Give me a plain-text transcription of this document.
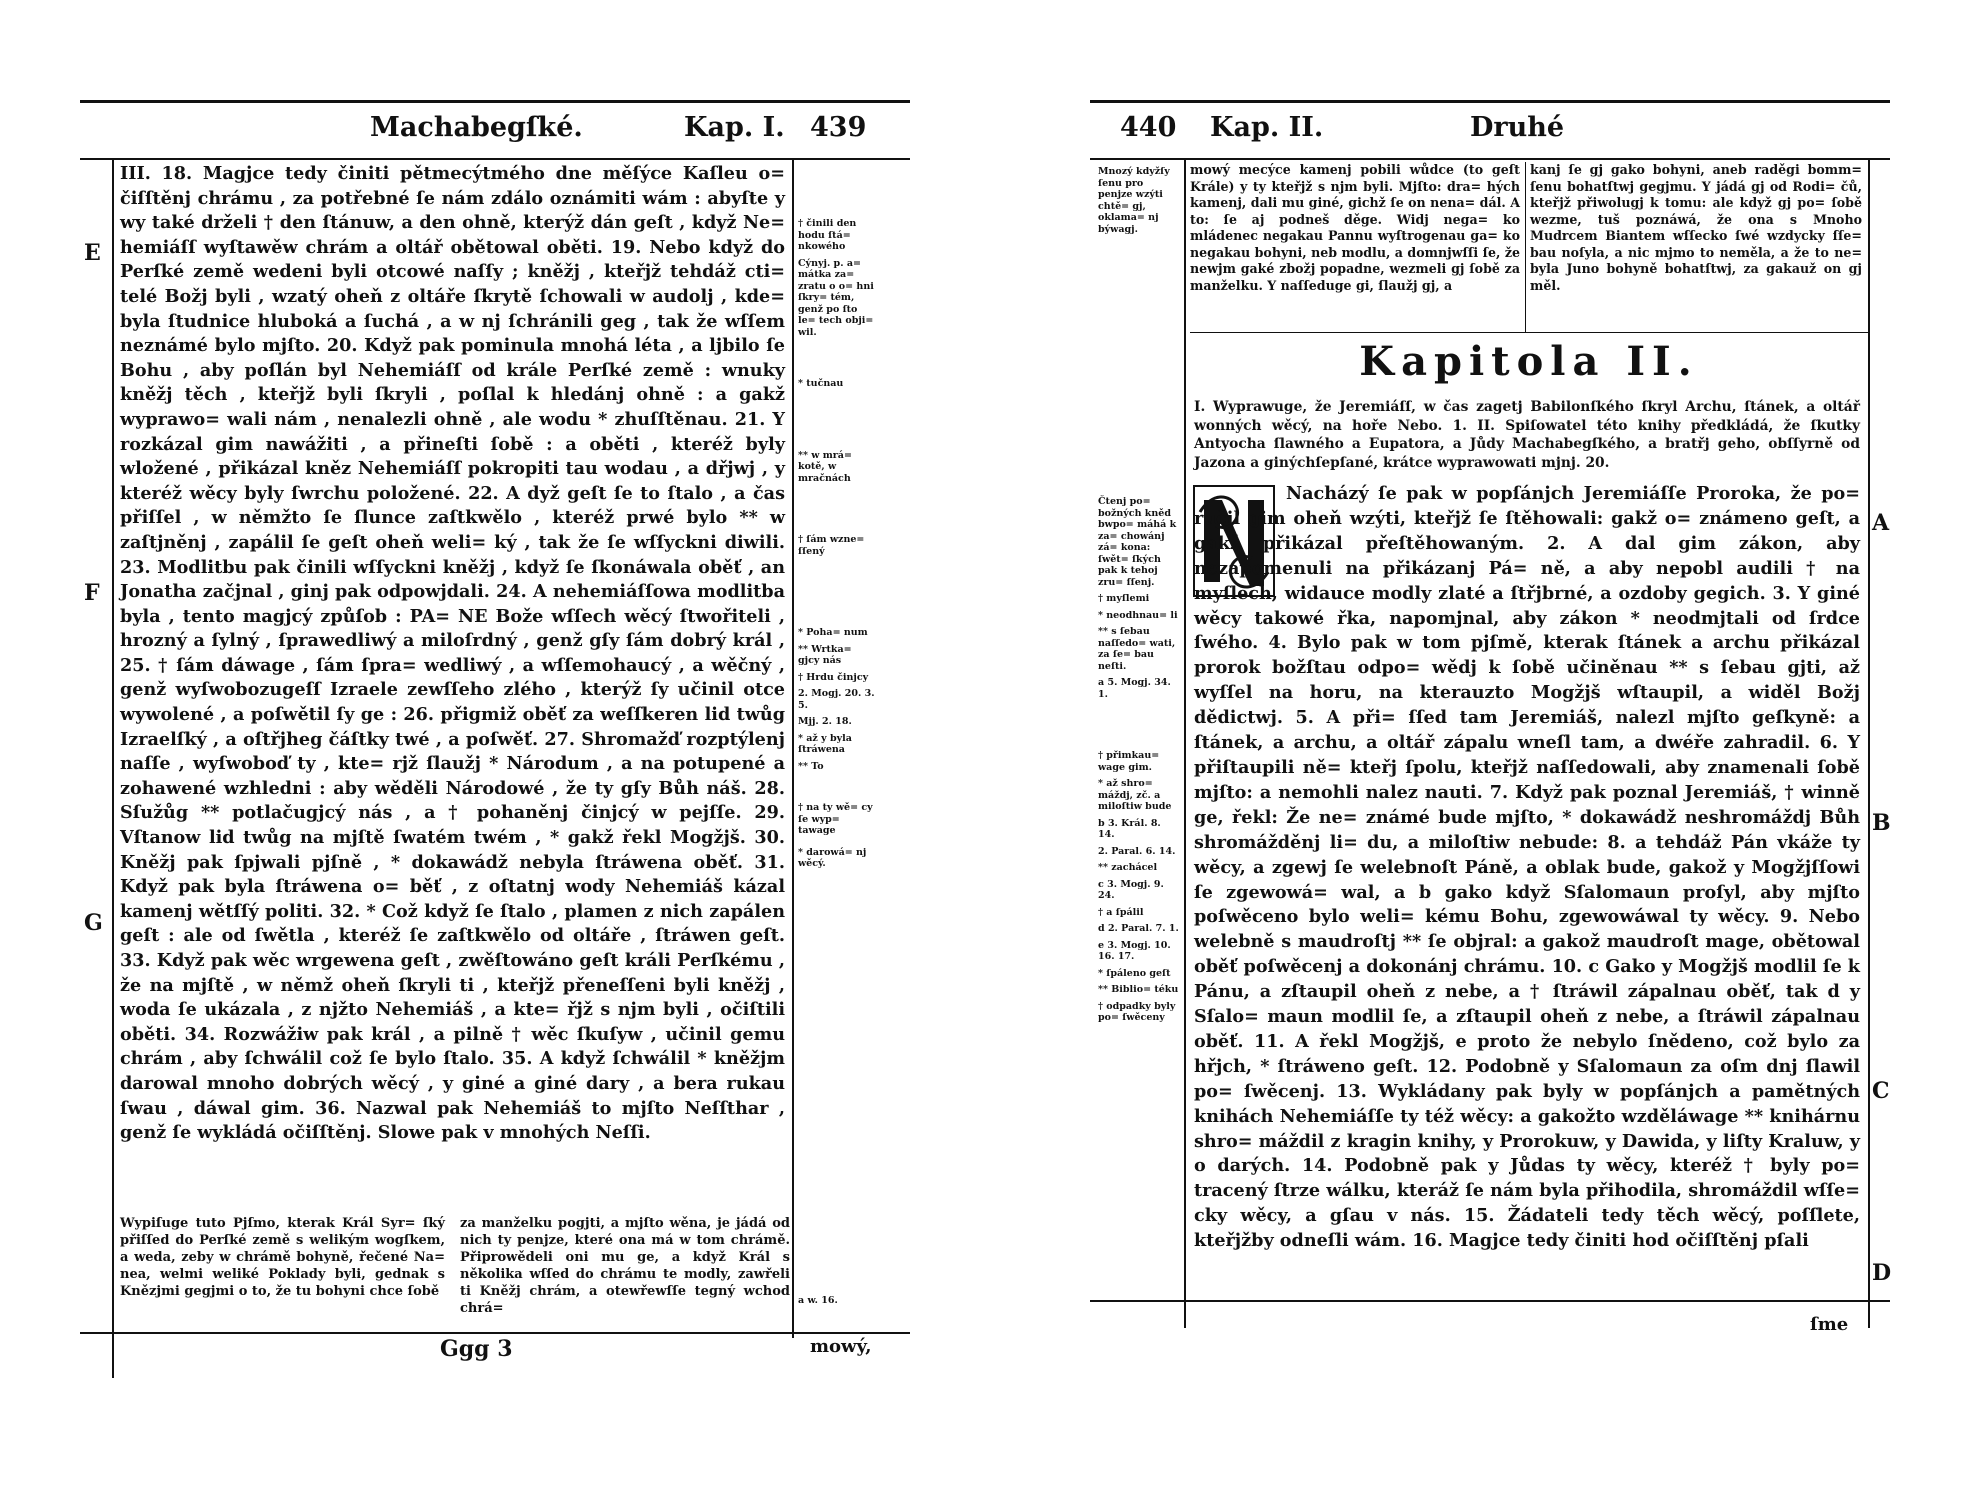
Machabegſké.	Kap. I. 439
E
F
G

III. 18. Magjce tedy činiti pětmecýtmého dne měſýce Kaſleu o= čiſſtěnj chrámu , za potřebné ſe nám zdálo oznámiti wám : abyſte y wy také drželi † den ſtánuw, a den ohně, kterýž dán geſt , když Ne= hemiáſſ wyſtawěw chrám a oltář obětowal oběti. 19. Nebo když do Perſké země wedeni byli otcowé naſſy ; kněžj , kteřjž tehdáž cti= telé Božj byli , wzatý oheň z oltáře ſkrytě ſchowali w audolj , kde= byla ſtudnice hluboká a ſuchá , a w nj ſchránili geg , tak že wſſem neznámé bylo mjſto. 20. Když pak pominula mnohá léta , a ljbilo ſe Bohu , aby poſlán byl Nehemiáſſ od krále Perſké země : wnuky kněžj těch , kteřjž byli ſkryli , poſlal k hledánj ohně : a gakž wyprawo= wali nám , nenalezli ohně , ale wodu * zhuſſtěnau. 21. Y rozkázal gim nawážiti , a přineſti ſobě : a oběti , kteréž byly wložené , přikázal kněz Nehemiáſſ pokropiti tau wodau , a dřjwj , y kteréž wěcy byly ſwrchu položené. 22. A dyž geſt ſe to ſtalo , a čas přiſſel , w němžto ſe ſlunce zaſtkwělo , kteréž prwé bylo ** w zaſtjněnj , zapálil ſe geſt oheň weli= ký , tak že ſe wſſyckni diwili. 23. Modlitbu pak činili wſſyckni kněžj , když ſe ſkonáwala oběť , an Jonatha začjnal , ginj pak odpowjdali. 24. A nehemiáſſowa modlitba byla , tento magjcý způſob : PA= NE Bože wſſech wěcý ſtwořiteli , hrozný a ſylný , ſprawedliwý a miloſrdný , genž gſy ſám dobrý král , 25. † ſám dáwage , ſám ſpra= wedliwý , a wſſemohaucý , a wěčný , genž wyſwobozugeſſ Izraele zewſſeho zlého , kterýž ſy učinil otce wywolené , a poſwětil ſy ge : 26. přigmiž oběť za weſſkeren lid twůg Izraelſký , a oſtřjheg čáſtky twé , a poſwěť. 27. Shromažď rozptýlenj naſſe , wyſwoboď ty , kte= rjž ſlaužj * Národum , a na potupené a zohawené wzhledni : aby wěděli Národowé , že ty gſy Bůh náš. 28. Sſužůg ** potlačugjcý nás , a † pohaněnj činjcý w pejſſe. 29. Vſtanow lid twůg na mjſtě ſwatém twém , * gakž řekl Mogžjš. 30. Kněžj pak ſpjwali pjſně , * dokawádž nebyla ſtráwena oběť. 31. Když pak byla ſtráwena o= běť , z oſtatnj wody Nehemiáš kázal kamenj wětſſý politi. 32. * Což když ſe ſtalo , plamen z nich zapálen geſt : ale od ſwětla , kteréž ſe zaſtkwělo od oltáře , ſtráwen geſt. 33. Když pak wěc wrgewena geſt , zwěſtowáno geſt králi Perſkému , že na mjſtě , w němž oheň ſkryli ti , kteřjž přeneſſeni byli kněžj , woda ſe ukázala , z njžto Nehemiáš , a kte= řjž s njm byli , očiſtili oběti. 34. Rozwážiw pak král , a pilně † wěc ſkuſyw , učinil gemu chrám , aby ſchwálil což ſe bylo ſtalo. 35. A když ſchwálil * kněžjm darowal mnoho dobrých wěcý , y giné a giné dary , a bera rukau ſwau , dáwal gim. 36. Nazwal pak Nehemiáš to mjſto Neſſthar , genž ſe wykládá očiſſtěnj. Slowe pak v mnohých Neſſi.

† činili den hodu ſtá= nkowého
Cýnyj. p. a= mátka za= zratu o o= hni ſkry= tém, genž po ſto le= tech obji= wil.
* tučnau
** w mrá= kotě, w mračnách
† ſám wzne= ſſený
* Poha= num
** Wrtka= gjcy nás
† Hrdu činjcy
2. Mogj. 20. 3. 5.
Mjj. 2. 18.
* až y byla ſtráwena
** To
† na ty wě= cy ſe wyp= tawage
* darowá= nj wěcý.
Wypiſuge tuto Pjſmo, kterak Král Syr= ſký přiſſed do Perſké země s welikým wogſkem, a weda, zeby w chrámě bohyně, řečené Na= nea, welmi weliké Poklady byli, gednak s Knězjmi gegjmi o to, že tu bohyni chce ſobě
za manželku pogjti, a mjſto wěna, je jádá od nich ty penjze, které ona má w tom chrámě. Připrowědeli oni mu ge, a když Král s několika wſſed do chrámu te modly, zawřeli ti Kněžj chrám, a otewřewſſe tegný wchod chrá=
a w. 16.
Ggg 3	mowý,
440 Kap. II.	Druhé
Mnozý kdyžſy ſenu pro penjze wzýti chtě= gj, oklama= nj býwagj.
mowý mecýce kamenj pobili wůdce (to geſt Krále) y ty kteřjž s njm byli. Mjſto: dra= hých kamenj, dali mu giné, gichž ſe on nena= dál. A to: ſe aj podneš děge. Widj nega= ko mládenec negakau Pannu wyſtrogenau ga= ko negakau bohyni, neb modlu, a domnjwſſi ſe, že newjm gaké zbožj popadne, wezmeli gj ſobě za manželku. Y naſſeduge gi, ſlaužj gj, a
kanj ſe gj gako bohyni, aneb raděgi bomm= ſenu bohatſtwj gegjmu. Y jádá gj od Rodi= čů, kteřjž přiwolugj k tomu: ale když gj po= ſobě wezme, tuš poznáwá, že ona s Mnoho Mudrcem Biantem wſſecko ſwé wzdycky ſſe= bau noſyla, a nic mjmo to neměla, a že to ne= byla Juno bohyně bohatſtwj, za gakauž on gj měl.
Kapitola II.
I. Wyprawuge, že Jeremiáſſ, w čas zagetj Babilonſkého ſkryl Archu, ſtánek, a oltář wonných wěcý, na hoře Nebo. 1. II. Spiſowatel této knihy předkládá, že ſkutky Antyocha ſlawného a Eupatora, a Jůdy Machabegſkého, a bratřj geho, obſſyrně od Jazona a ginýchſepſané, krátce wyprawowati mjnj. 20.

Nacházý ſe pak w popſánjch Jeremiáſſe Proroka, že po= ručil gim oheň wzýti, kteřjž ſe ſtěhowali: gakž o= známeno geſt, a gakž přikázal přeſtěhowaným. 2. A dal gim zákon, aby nezapomenuli na přikázanj Pá= ně, a aby nepobl audili † na myſlech, widauce modly zlaté a ſtřjbrné, a ozdoby gegich. 3. Y giné wěcy takowé řka, napomjnal, aby zákon * neodmjtali od ſrdce ſwého. 4. Bylo pak w tom pjſmě, kterak ſtánek a archu přikázal prorok božſtau odpo= wědj k ſobě učiněnau ** s ſebau gjti, až wyſſel na horu, na kterauzto Mogžjš wſtaupil, a widěl Božj dědictwj. 5. A při= ſſed tam Jeremiáš, nalezl mjſto geſkyně: a ſtánek, a archu, a oltář zápalu wneſl tam, a dwéře zahradil. 6. Y přiſtaupili ně= kteřj ſpolu, kteřjž naſſedowali, aby znamenali ſobě mjſto: a nemohli nalez nauti. 7. Když pak poznal Jeremiáš, † winně ge, řekl: Že ne= známé bude mjſto, * dokawádž neshromáždj Bůh shromážděnj li= du, a miloſtiw nebude: 8. a tehdáž Pán vkáže ty wěcy, a zgewj ſe welebnoſt Páně, a oblak bude, gakož y Mogžjſſowi ſe zgewowá= wal, a b gako když Sſalomaun proſyl, aby mjſto poſwěceno bylo weli= kému Bohu, zgewowáwal ty wěcy. 9. Nebo welebně s maudroſtj ** ſe objral: a gakož maudroſt mage, obětowal oběť poſwěcenj a dokonánj chrámu. 10. c Gako y Mogžjš modlil ſe k Pánu, a zſtaupil oheň z nebe, a † ſtráwil zápalnau oběť, tak d y Sſalo= maun modlil ſe, a zſtaupil oheň z nebe, a ſtráwil zápalnau oběť. 11. A řekl Mogžjš, e proto že nebylo ſnědeno, což bylo za hřjch, * ſtráweno geſt. 12. Podobně y Sſalomaun za oſm dnj ſlawil po= ſwěcenj. 13. Wykládany pak byly w popſánjch a pamětných knihách Nehemiáſſe ty též wěcy: a gakožto wzděláwage ** knihárnu shro= máždil z kragin knihy, y Prorokuw, y Dawida, y liſty Kraluw, y o darých. 14. Podobně pak y Jůdas ty wěcy, kteréž † byly po= tracený ſtrze wálku, kteráž ſe nám byla přihodila, shromáždil wſſe= cky wěcy, a gſau v nás. 15. Žádateli tedy těch wěcý, poſſlete, kteřjžby odneſli wám. 16. Magjce tedy činiti hod očiſſtěnj pſali

Čtenj po= božných kněd bwpo= máhá k za= chowánj zá= kona: ſwět= ſkých pak k tehoj zru= ſſenj.
† myſlemi
* neodhnau= li
** s ſebau naſſedo= wati, za ſe= bau neſti.
a 5. Mogj. 34. 1.
† přimkau= wage gim.
* až shro= máždj, zč. a miloſtiw bude
b 3. Král. 8. 14.
2. Paral. 6. 14.
** zachácel
c 3. Mogj. 9. 24.
† a ſpálil
d 2. Paral. 7. 1.
e 3. Mogj. 10. 16. 17.
* ſpáleno geſt
** Biblio= téku
† odpadky byly po= ſwěceny
A
B
C
D
ſme
